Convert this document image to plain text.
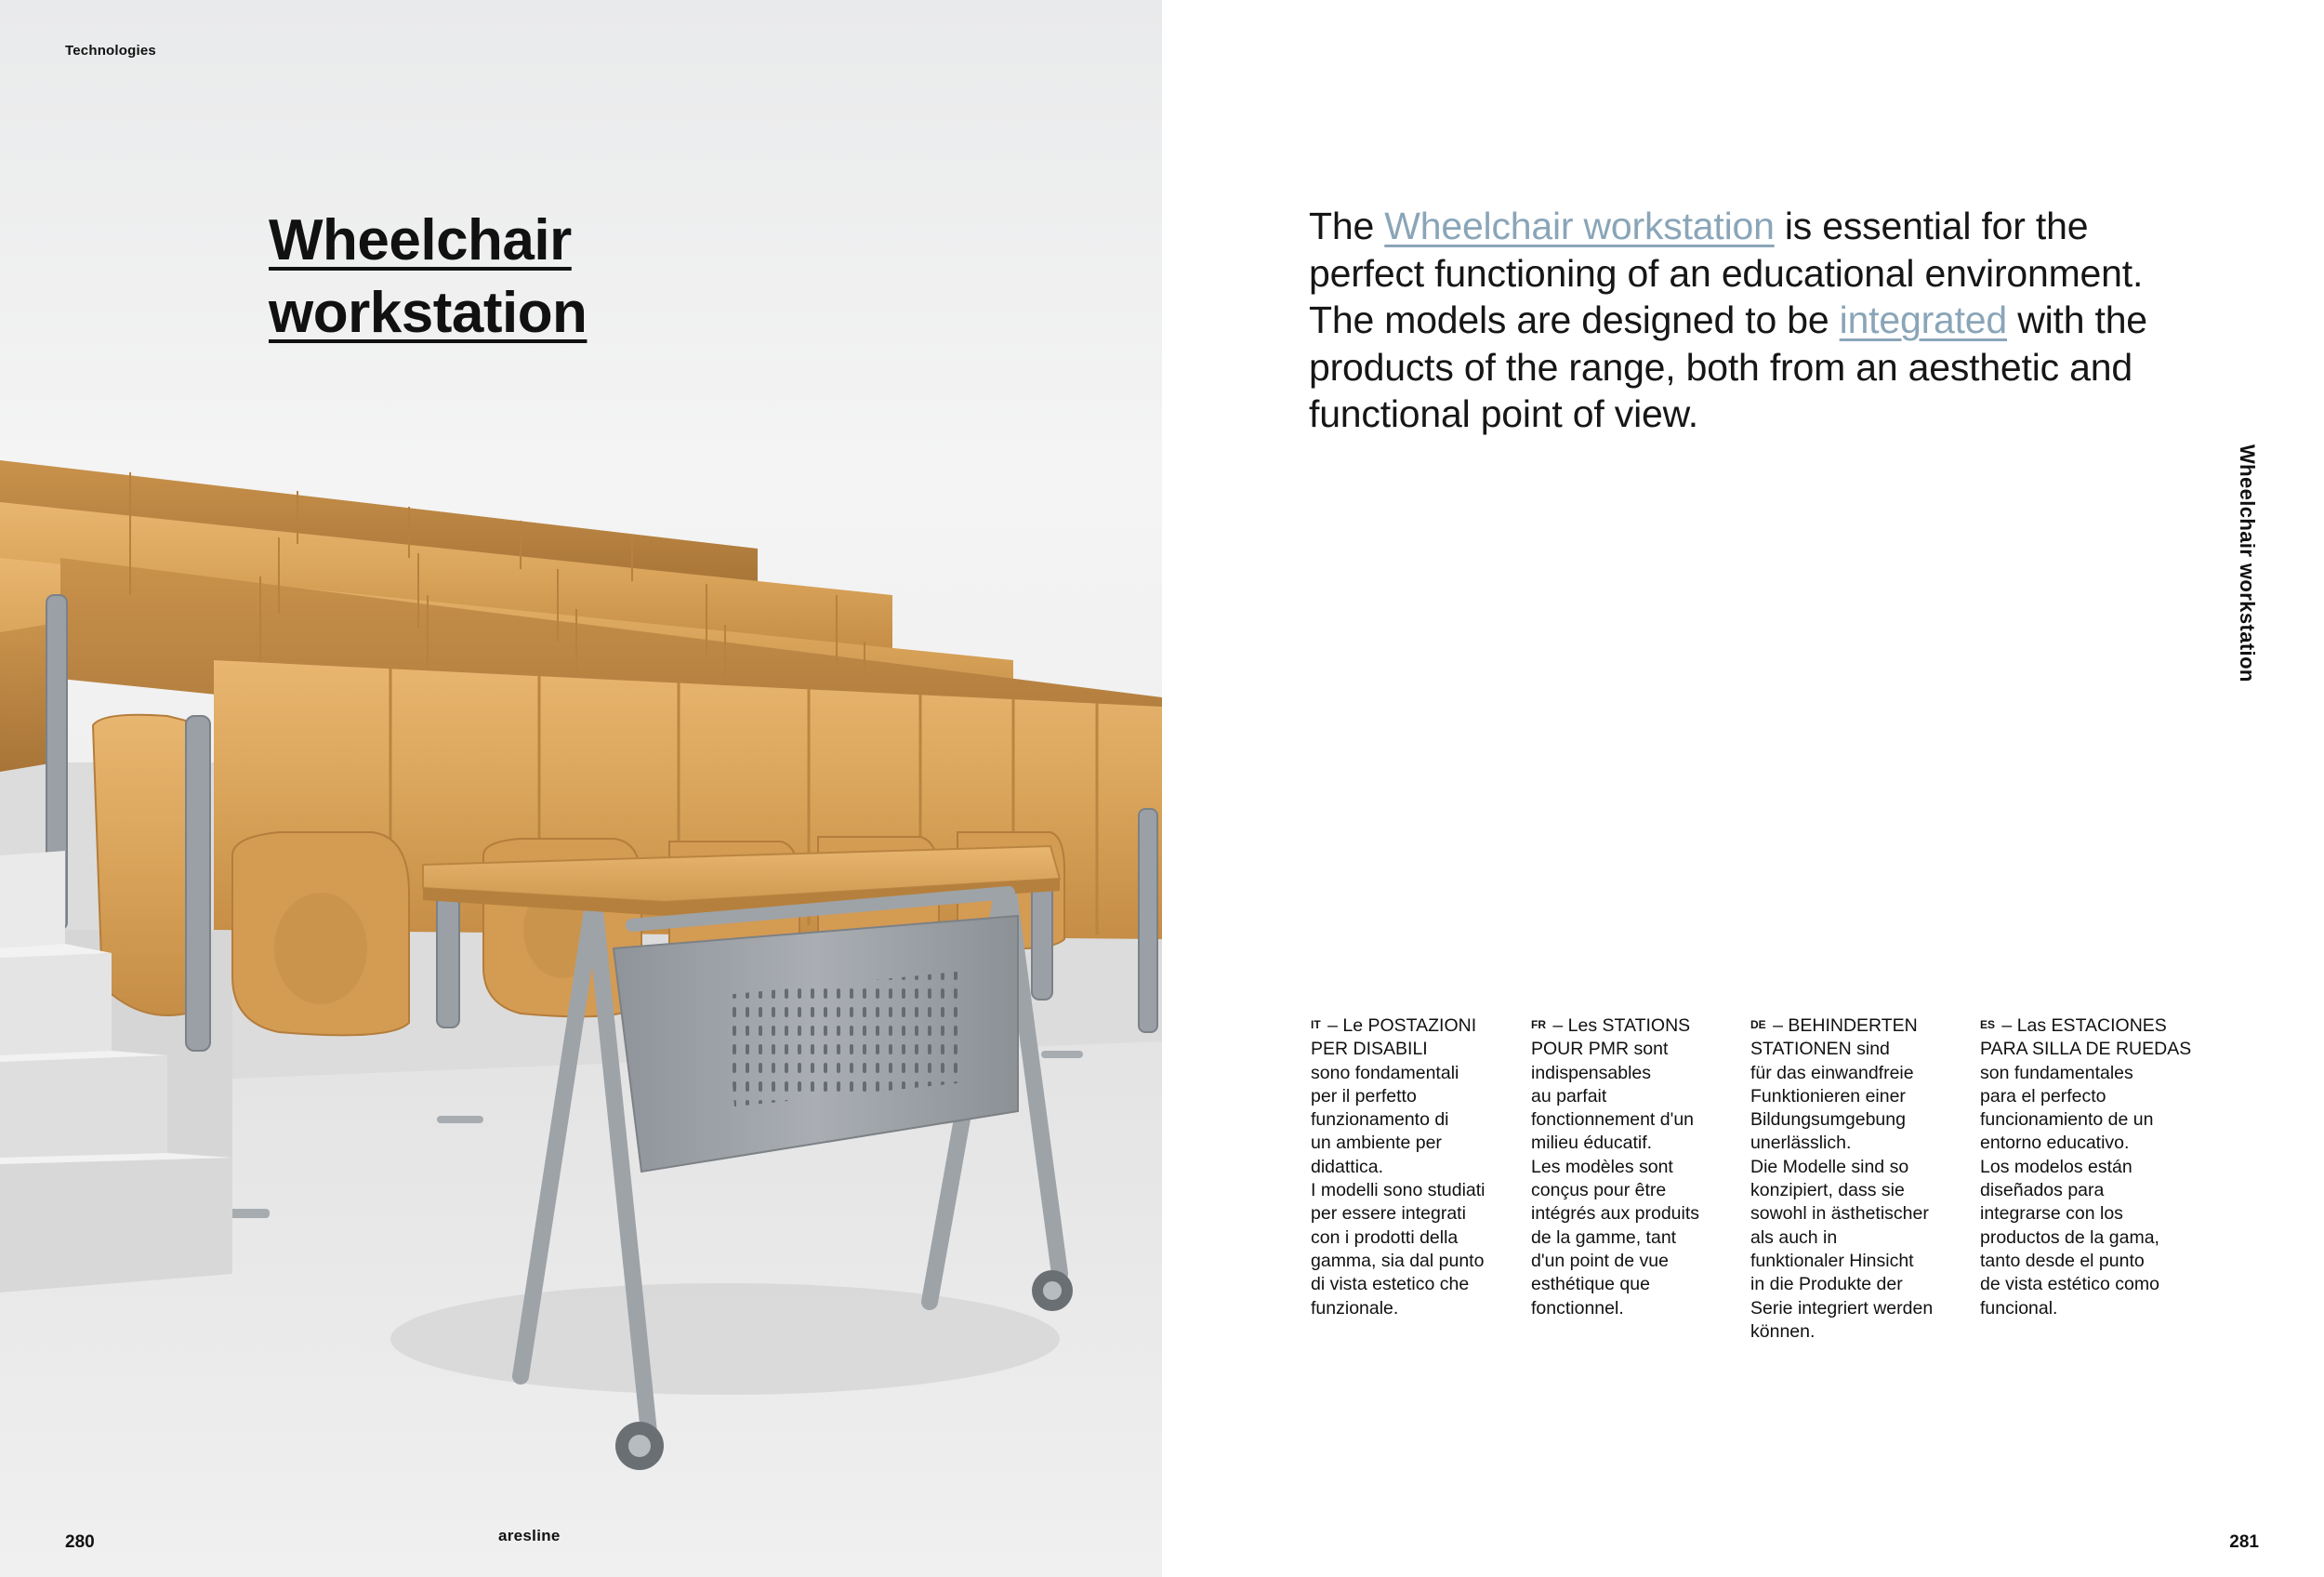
Technologies
Wheelchair
workstation
280	aresline
The Wheelchair workstation is essential for the perfect functioning of an educational environment.
The models are designed to be integrated with the products of the range, both from an aesthetic and functional point of view.

IT – Le POSTAZIONI

PER DISABILI

sono fondamentali

per il perfetto

funzionamento di

un ambiente per

didattica.

I modelli sono studiati

per essere integrati

con i prodotti della

gamma, sia dal punto

di vista estetico che

funzionale.

FR – Les STATIONS

POUR PMR sont

indispensables

au parfait

fonctionnement d'un

milieu éducatif.

Les modèles sont

conçus pour être

intégrés aux produits

de la gamme, tant

d'un point de vue

esthétique que

fonctionnel.

DE – BEHINDERTEN

STATIONEN sind

für das einwandfreie

Funktionieren einer

Bildungsumgebung

unerlässlich.

Die Modelle sind so

konzipiert, dass sie

sowohl in ästhetischer

als auch in

funktionaler Hinsicht

in die Produkte der

Serie integriert werden

können.

ES – Las ESTACIONES

PARA SILLA DE RUEDAS

son fundamentales

para el perfecto

funcionamiento de un

entorno educativo.

Los modelos están

diseñados para

integrarse con los

productos de la gama,

tanto desde el punto

de vista estético como

funcional.

281
Wheelchair workstation
